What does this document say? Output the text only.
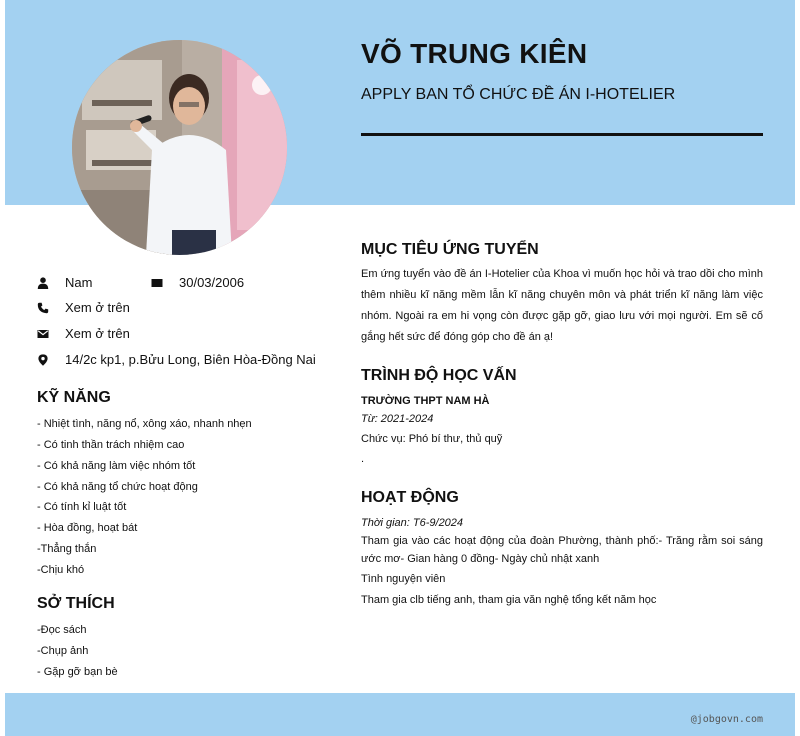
VÕ TRUNG KIÊN
APPLY BAN TỔ CHỨC ĐỀ ÁN I-HOTELIER
Nam	30/03/2006
Xem ở trên
Xem ở trên
14/2c kp1, p.Bửu Long, Biên Hòa-Đồng Nai
KỸ NĂNG
- Nhiệt tình, năng nổ, xông xáo, nhanh nhẹn
- Có tinh thần trách nhiệm cao
- Có khả năng làm việc nhóm tốt
- Có khả năng tổ chức hoạt động
- Có tính kỉ luật tốt
- Hòa đồng, hoạt bát
-Thẳng thắn
-Chịu khó
SỞ THÍCH
-Đọc sách
-Chụp ảnh
- Gặp gỡ bạn bè
MỤC TIÊU ỨNG TUYỂN
Em ứng tuyển vào đề án I-Hotelier của Khoa vì muốn học hỏi và trao dồi cho mình thêm nhiều kĩ năng mềm lẫn kĩ năng chuyên môn và phát triển kĩ năng làm việc nhóm. Ngoài ra em hi vọng còn được gặp gỡ, giao lưu với mọi người. Em sẽ cố gắng hết sức để đóng góp cho đề án ạ!
TRÌNH ĐỘ HỌC VẤN
TRƯỜNG THPT NAM HÀ
Từ: 2021-2024
Chức vụ: Phó bí thư, thủ quỹ
.
HOẠT ĐỘNG
Thời gian: T6-9/2024
Tham gia vào các hoạt động của đoàn Phường, thành phố:- Trăng rằm soi sáng ước mơ- Gian hàng 0 đồng- Ngày chủ nhật xanh
Tình nguyện viên
Tham gia clb tiếng anh, tham gia văn nghệ tổng kết năm học
@jobgovn.com
